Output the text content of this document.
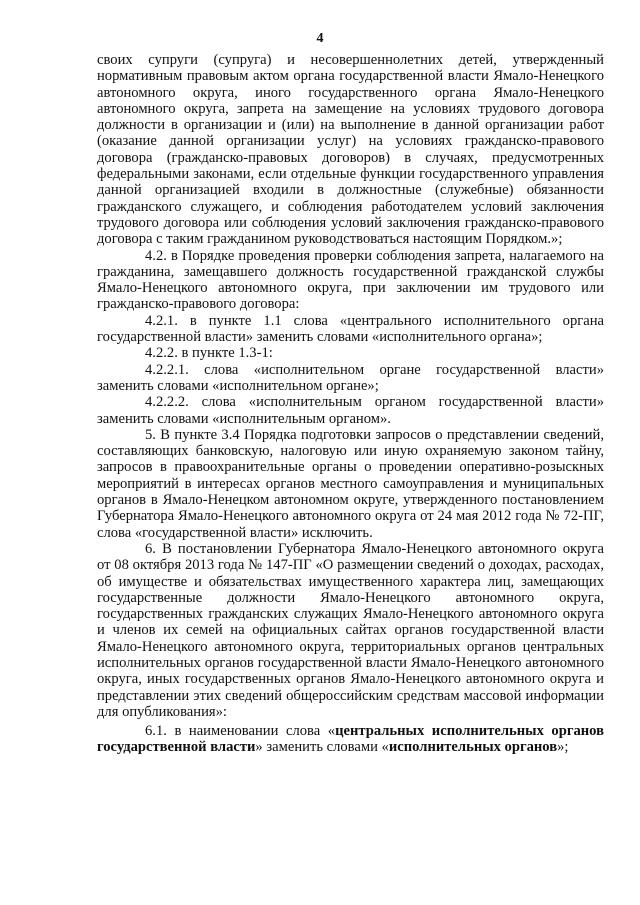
4

своих супруги (супруга) и несовершеннолетних детей, утвержденный нормативным правовым актом органа государственной власти Ямало-Ненецкого автономного округа, иного государственного органа Ямало-Ненецкого автономного округа, запрета на замещение на условиях трудового договора должности в организации и (или) на выполнение в данной организации работ (оказание данной организации услуг) на условиях гражданско-правового договора (гражданско-правовых договоров) в случаях, предусмотренных федеральными законами, если отдельные функции государственного управления данной организацией входили в должностные (служебные) обязанности гражданского служащего, и соблюдения работодателем условий заключения трудового договора или соблюдения условий заключения гражданско-правового договора с таким гражданином руководствоваться настоящим Порядком.»;

4.2. в Порядке проведения проверки соблюдения запрета, налагаемого на гражданина, замещавшего должность государственной гражданской службы Ямало-Ненецкого автономного округа, при заключении им трудового или гражданско-правового договора:

4.2.1. в пункте 1.1 слова «центрального исполнительного органа государственной власти» заменить словами «исполнительного органа»;

4.2.2. в пункте 1.3-1:

4.2.2.1. слова «исполнительном органе государственной власти» заменить словами «исполнительном органе»;

4.2.2.2. слова «исполнительным органом государственной власти» заменить словами «исполнительным органом».

5. В пункте 3.4 Порядка подготовки запросов о представлении сведений, составляющих банковскую, налоговую или иную охраняемую законом тайну, запросов в правоохранительные органы о проведении оперативно-розыскных мероприятий в интересах органов местного самоуправления и муниципальных органов в Ямало-Ненецком автономном округе, утвержденного постановлением Губернатора Ямало-Ненецкого автономного округа от 24 мая 2012 года № 72-ПГ, слова «государственной власти» исключить.

6. В постановлении Губернатора Ямало-Ненецкого автономного округа от 08 октября 2013 года № 147-ПГ «О размещении сведений о доходах, расходах, об имуществе и обязательствах имущественного характера лиц, замещающих государственные должности Ямало-Ненецкого автономного округа, государственных гражданских служащих Ямало-Ненецкого автономного округа и членов их семей на официальных сайтах органов государственной власти Ямало-Ненецкого автономного округа, территориальных органов центральных исполнительных органов государственной власти Ямало-Ненецкого автономного округа, иных государственных органов Ямало-Ненецкого автономного округа и представлении этих сведений общероссийским средствам массовой информации для опубликования»:

6.1. в наименовании слова «центральных исполнительных органов государственной власти» заменить словами «исполнительных органов»;
